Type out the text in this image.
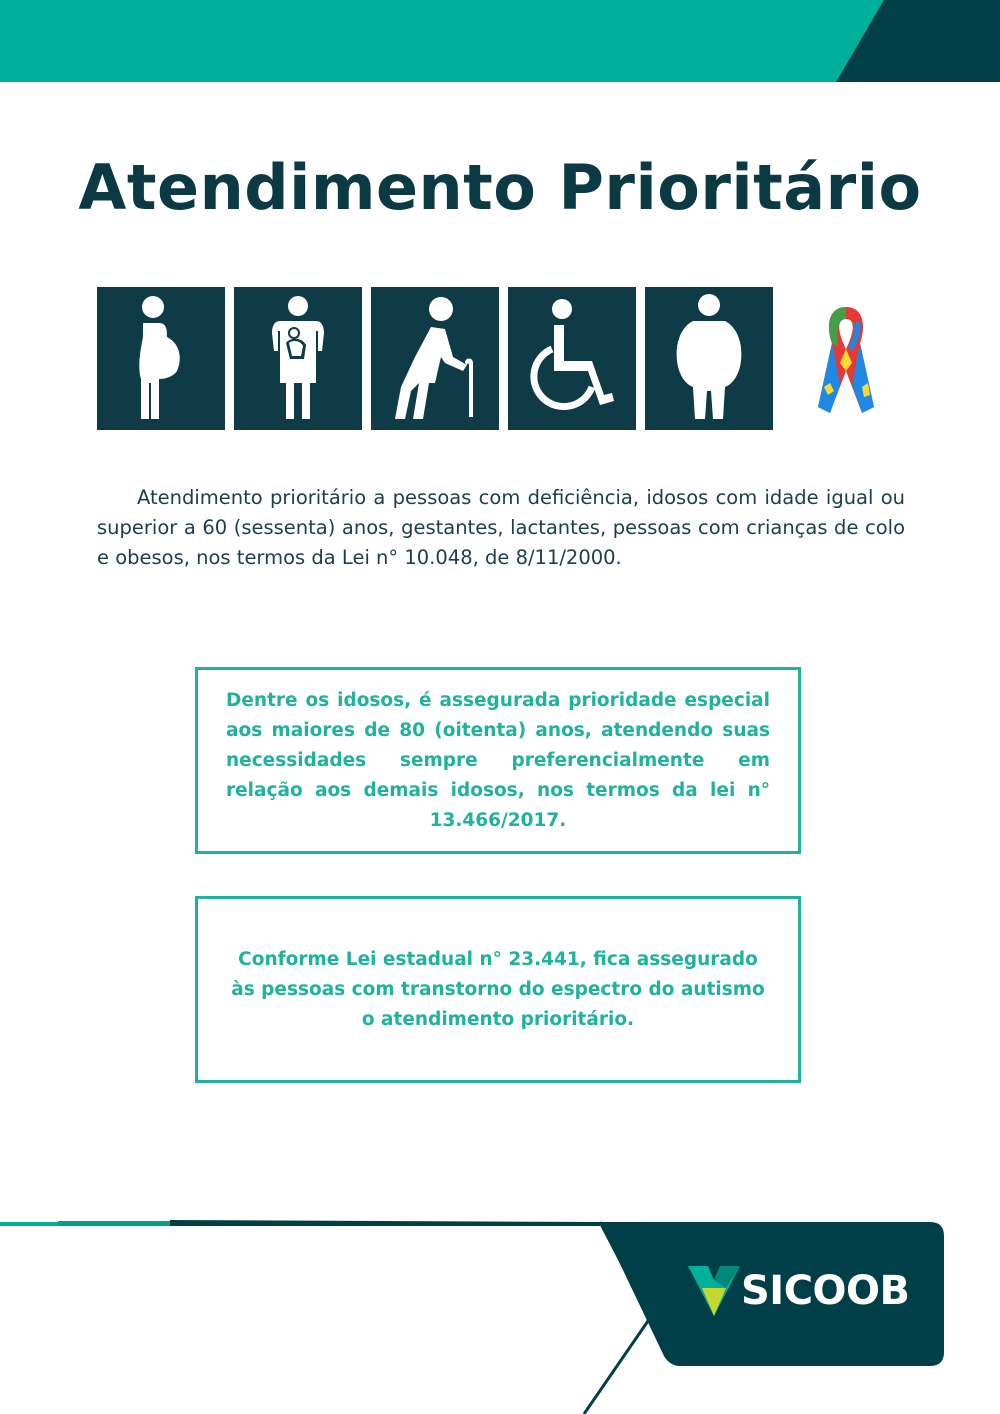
Atendimento Prioritário

Atendimento prioritário a pessoas com deficiência, idosos com idade igual ou superior a 60 (sessenta) anos, gestantes, lactantes, pessoas com crianças de colo e obesos, nos termos da Lei n° 10.048, de 8/11/2000.

Dentre os idosos, é assegurada prioridade especial aos maiores de 80 (oitenta) anos, atendendo suas necessidades sempre preferencialmente em relação aos demais idosos, nos termos da lei n° 13.466/2017.

Conforme Lei estadual n° 23.441, fica assegurado
às pessoas com transtorno do espectro do autismo
o atendimento prioritário.

SICOOB
